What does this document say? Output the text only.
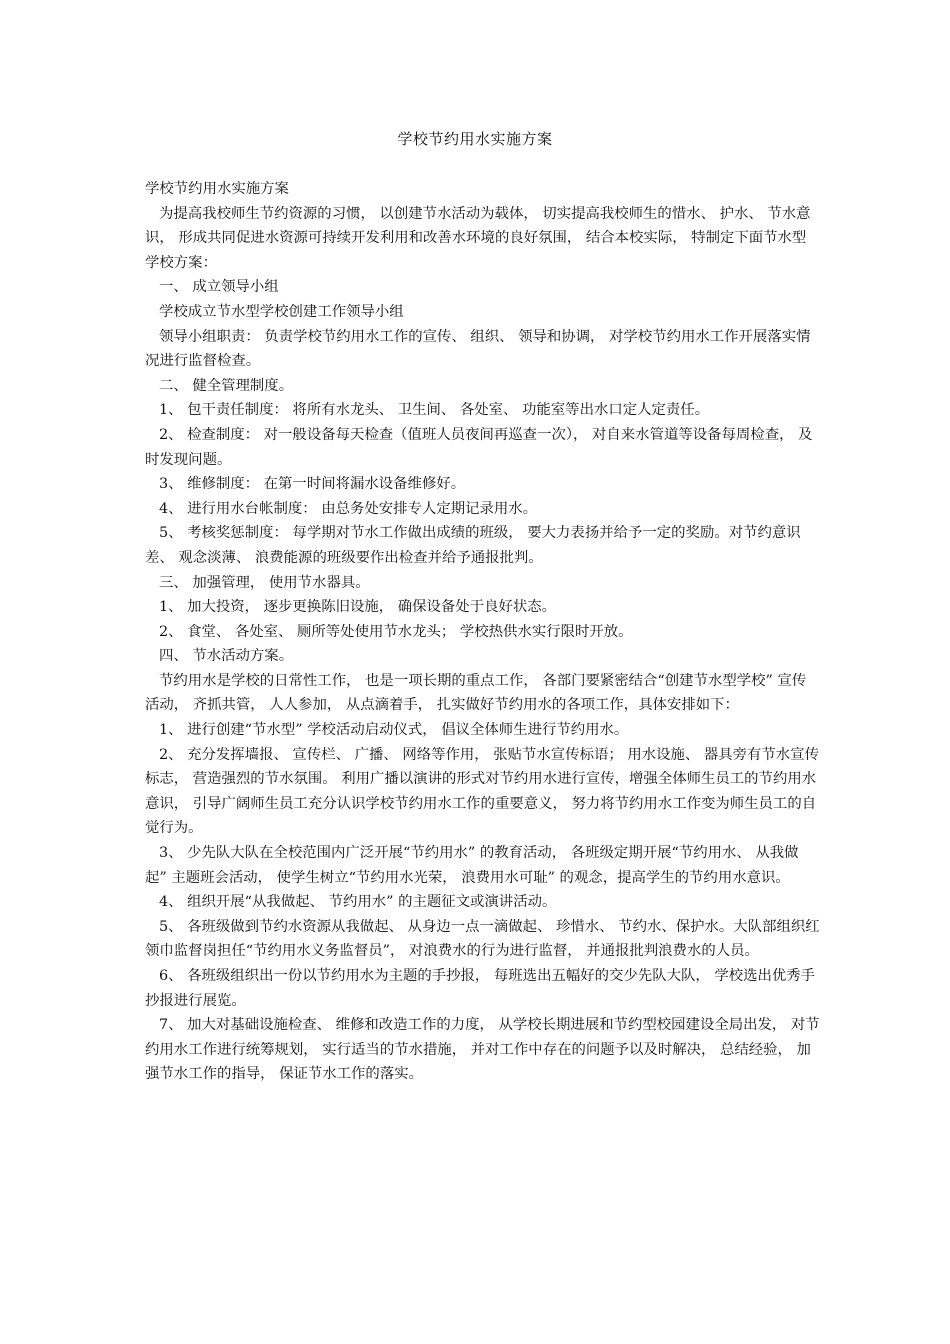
学校节约用水实施方案

学校节约用水实施方案

为提高我校师生节约资源的习惯， 以创建节水活动为载体， 切实提高我校师生的惜水、 护水、 节水意识， 形成共同促进水资源可持续开发利用和改善水环境的良好氛围， 结合本校实际， 特制定下面节水型学校方案：

一、 成立领导小组

学校成立节水型学校创建工作领导小组

领导小组职责： 负责学校节约用水工作的宣传、 组织、 领导和协调， 对学校节约用水工作开展落实情况进行监督检查。

二、 健全管理制度。

1、 包干责任制度： 将所有水龙头、 卫生间、 各处室、 功能室等出水口定人定责任。

2、 检查制度： 对一般设备每天检查（值班人员夜间再巡查一次）， 对自来水管道等设备每周检查， 及时发现问题。

3、 维修制度： 在第一时间将漏水设备维修好。

4、 进行用水台帐制度： 由总务处安排专人定期记录用水。

5、 考核奖惩制度： 每学期对节水工作做出成绩的班级， 要大力表扬并给予一定的奖励。对节约意识差、 观念淡薄、 浪费能源的班级要作出检查并给予通报批判。

三、 加强管理， 使用节水器具。

1、 加大投资， 逐步更换陈旧设施， 确保设备处于良好状态。

2、 食堂、 各处室、 厕所等处使用节水龙头； 学校热供水实行限时开放。

四、 节水活动方案。

节约用水是学校的日常性工作， 也是一项长期的重点工作， 各部门要紧密结合“创建节水型学校” 宣传活动， 齐抓共管， 人人参加， 从点滴着手， 扎实做好节约用水的各项工作，具体安排如下：

1、 进行创建“节水型” 学校活动启动仪式， 倡议全体师生进行节约用水。

2、 充分发挥墙报、 宣传栏、 广播、 网络等作用， 张贴节水宣传标语； 用水设施、 器具旁有节水宣传标志， 营造强烈的节水氛围。 利用广播以演讲的形式对节约用水进行宣传，增强全体师生员工的节约用水意识， 引导广阔师生员工充分认识学校节约用水工作的重要意义， 努力将节约用水工作变为师生员工的自觉行为。

3、 少先队大队在全校范围内广泛开展“节约用水” 的教育活动， 各班级定期开展“节约用水、 从我做起” 主题班会活动， 使学生树立“节约用水光荣， 浪费用水可耻” 的观念，提高学生的节约用水意识。

4、 组织开展“从我做起、 节约用水” 的主题征文或演讲活动。

5、 各班级做到节约水资源从我做起、 从身边一点一滴做起、 珍惜水、 节约水、保护水。大队部组织红领巾监督岗担任“节约用水义务监督员”， 对浪费水的行为进行监督， 并通报批判浪费水的人员。

6、 各班级组织出一份以节约用水为主题的手抄报， 每班选出五幅好的交少先队大队， 学校选出优秀手抄报进行展览。

7、 加大对基础设施检查、 维修和改造工作的力度， 从学校长期进展和节约型校园建设全局出发， 对节约用水工作进行统筹规划， 实行适当的节水措施， 并对工作中存在的问题予以及时解决， 总结经验， 加强节水工作的指导， 保证节水工作的落实。
